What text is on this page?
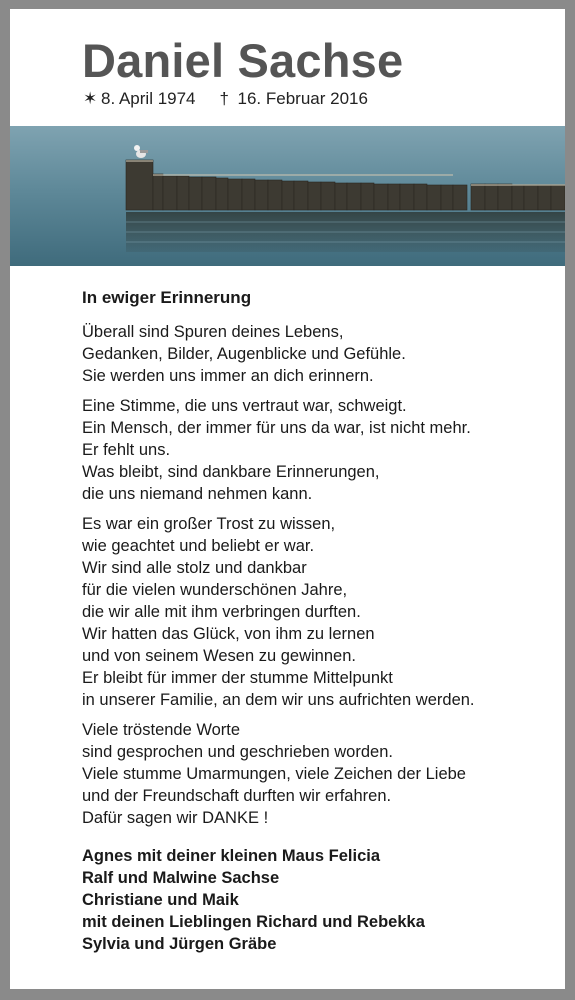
Daniel Sachse
✶ 8. April 1974 † 16. Februar 2016
In ewiger Erinnerung
Überall sind Spuren deines Lebens,
Gedanken, Bilder, Augenblicke und Gefühle.
Sie werden uns immer an dich erinnern.
Eine Stimme, die uns vertraut war, schweigt.
Ein Mensch, der immer für uns da war, ist nicht mehr.
Er fehlt uns.
Was bleibt, sind dankbare Erinnerungen,
die uns niemand nehmen kann.
Es war ein großer Trost zu wissen,
wie geachtet und beliebt er war.
Wir sind alle stolz und dankbar
für die vielen wunderschönen Jahre,
die wir alle mit ihm verbringen durften.
Wir hatten das Glück, von ihm zu lernen
und von seinem Wesen zu gewinnen.
Er bleibt für immer der stumme Mittelpunkt
in unserer Familie, an dem wir uns aufrichten werden.
Viele tröstende Worte
sind gesprochen und geschrieben worden.
Viele stumme Umarmungen, viele Zeichen der Liebe
und der Freundschaft durften wir erfahren.
Dafür sagen wir DANKE !
Agnes mit deiner kleinen Maus Felicia
Ralf und Malwine Sachse
Christiane und Maik
mit deinen Lieblingen Richard und Rebekka
Sylvia und Jürgen Gräbe
